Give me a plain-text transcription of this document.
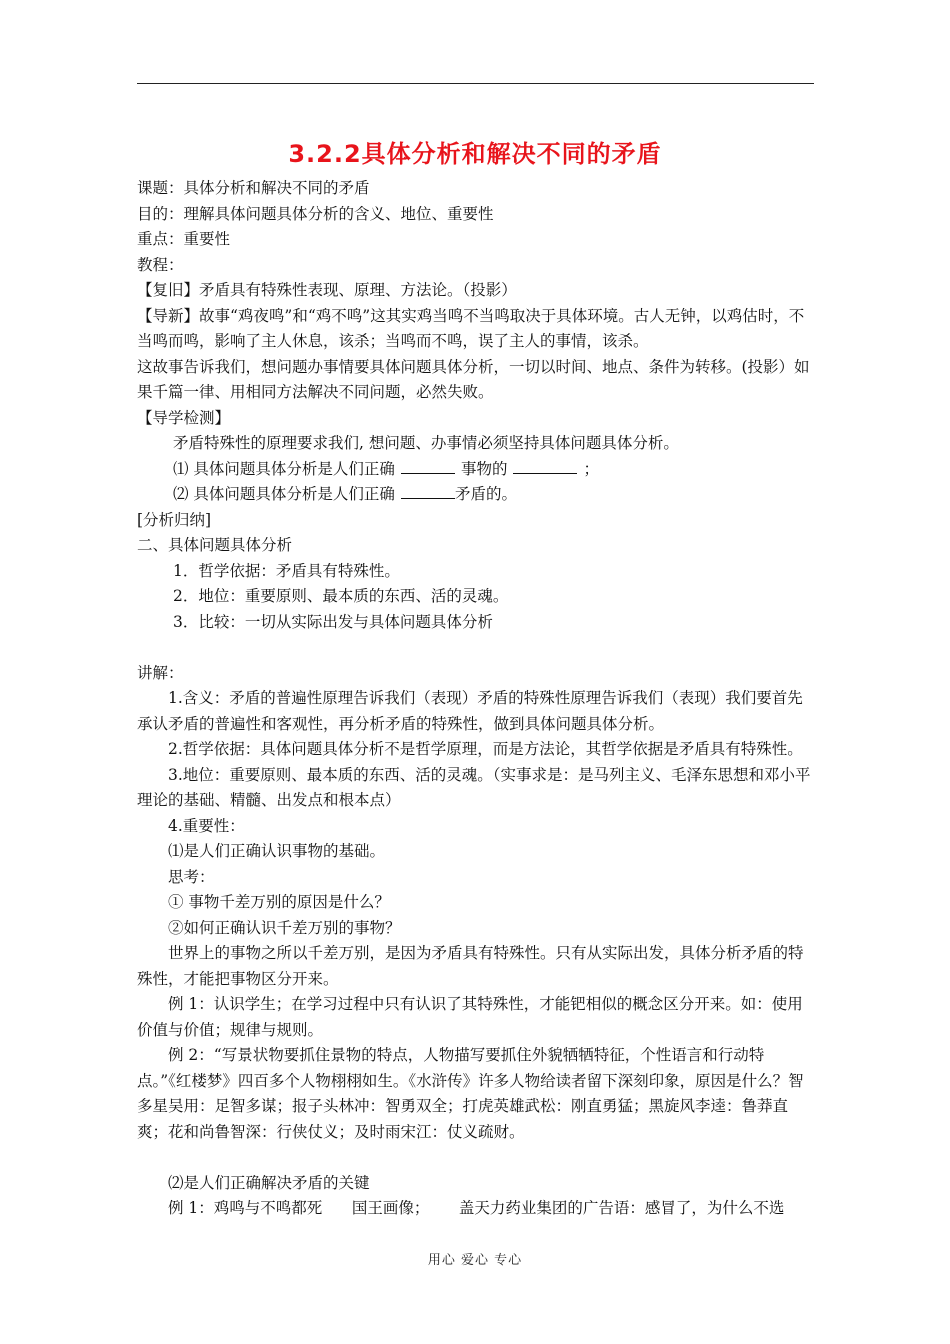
3.2.2具体分析和解决不同的矛盾

课题：具体分析和解决不同的矛盾

目的：理解具体问题具体分析的含义、地位、重要性

重点：重要性

教程：

【复旧】矛盾具有特殊性表现、原理、方法论。（投影）

【导新】故事“鸡夜鸣”和“鸡不鸣”这其实鸡当鸣不当鸣取决于具体环境。古人无钟，以鸡估时，不当鸣而鸣，影响了主人休息，该杀；当鸣而不鸣，误了主人的事情，该杀。

这故事告诉我们，想问题办事情要具体问题具体分析，一切以时间、地点、条件为转移。(投影）如果千篇一律、用相同方法解决不同问题，必然失败。

【导学检测】

矛盾特殊性的原理要求我们, 想问题、办事情必须坚持具体问题具体分析。

⑴ 具体问题具体分析是人们正确	事物的	；

⑵ 具体问题具体分析是人们正确	矛盾的。

[分析归纳]

二、具体问题具体分析

1．哲学依据：矛盾具有特殊性。

2．地位：重要原则、最本质的东西、活的灵魂。

3．比较：一切从实际出发与具体问题具体分析

讲解：

1.含义：矛盾的普遍性原理告诉我们（表现）矛盾的特殊性原理告诉我们（表现）我们要首先承认矛盾的普遍性和客观性，再分析矛盾的特殊性，做到具体问题具体分析。

2.哲学依据：具体问题具体分析不是哲学原理，而是方法论，其哲学依据是矛盾具有特殊性。

3.地位：重要原则、最本质的东西、活的灵魂。（实事求是：是马列主义、毛泽东思想和邓小平理论的基础、精髓、出发点和根本点）

4.重要性：

⑴是人们正确认识事物的基础。

思考：

① 事物千差万别的原因是什么？

②如何正确认识千差万别的事物？

世界上的事物之所以千差万别，是因为矛盾具有特殊性。只有从实际出发，具体分析矛盾的特殊性，才能把事物区分开来。

例 1：认识学生；在学习过程中只有认识了其特殊性，才能钯相似的概念区分开来。如：使用价值与价值；规律与规则。

例 2：“写景状物要抓住景物的特点，人物描写要抓住外貌牺牺特征，个性语言和行动特点。”《红楼梦》四百多个人物栩栩如生。《水浒传》许多人物给读者留下深刻印象，原因是什么？智多星吴用：足智多谋；报子头林冲：智勇双全；打虎英雄武松：刚直勇猛；黑旋风李逵：鲁莽直爽；花和尚鲁智深：行侠仗义；及时雨宋江：仗义疏财。

⑵是人们正确解决矛盾的关键

例 1：鸡鸣与不鸣都死      国王画像；      盖天力药业集团的广告语：感冒了，为什么不选

用心 爱心 专心
